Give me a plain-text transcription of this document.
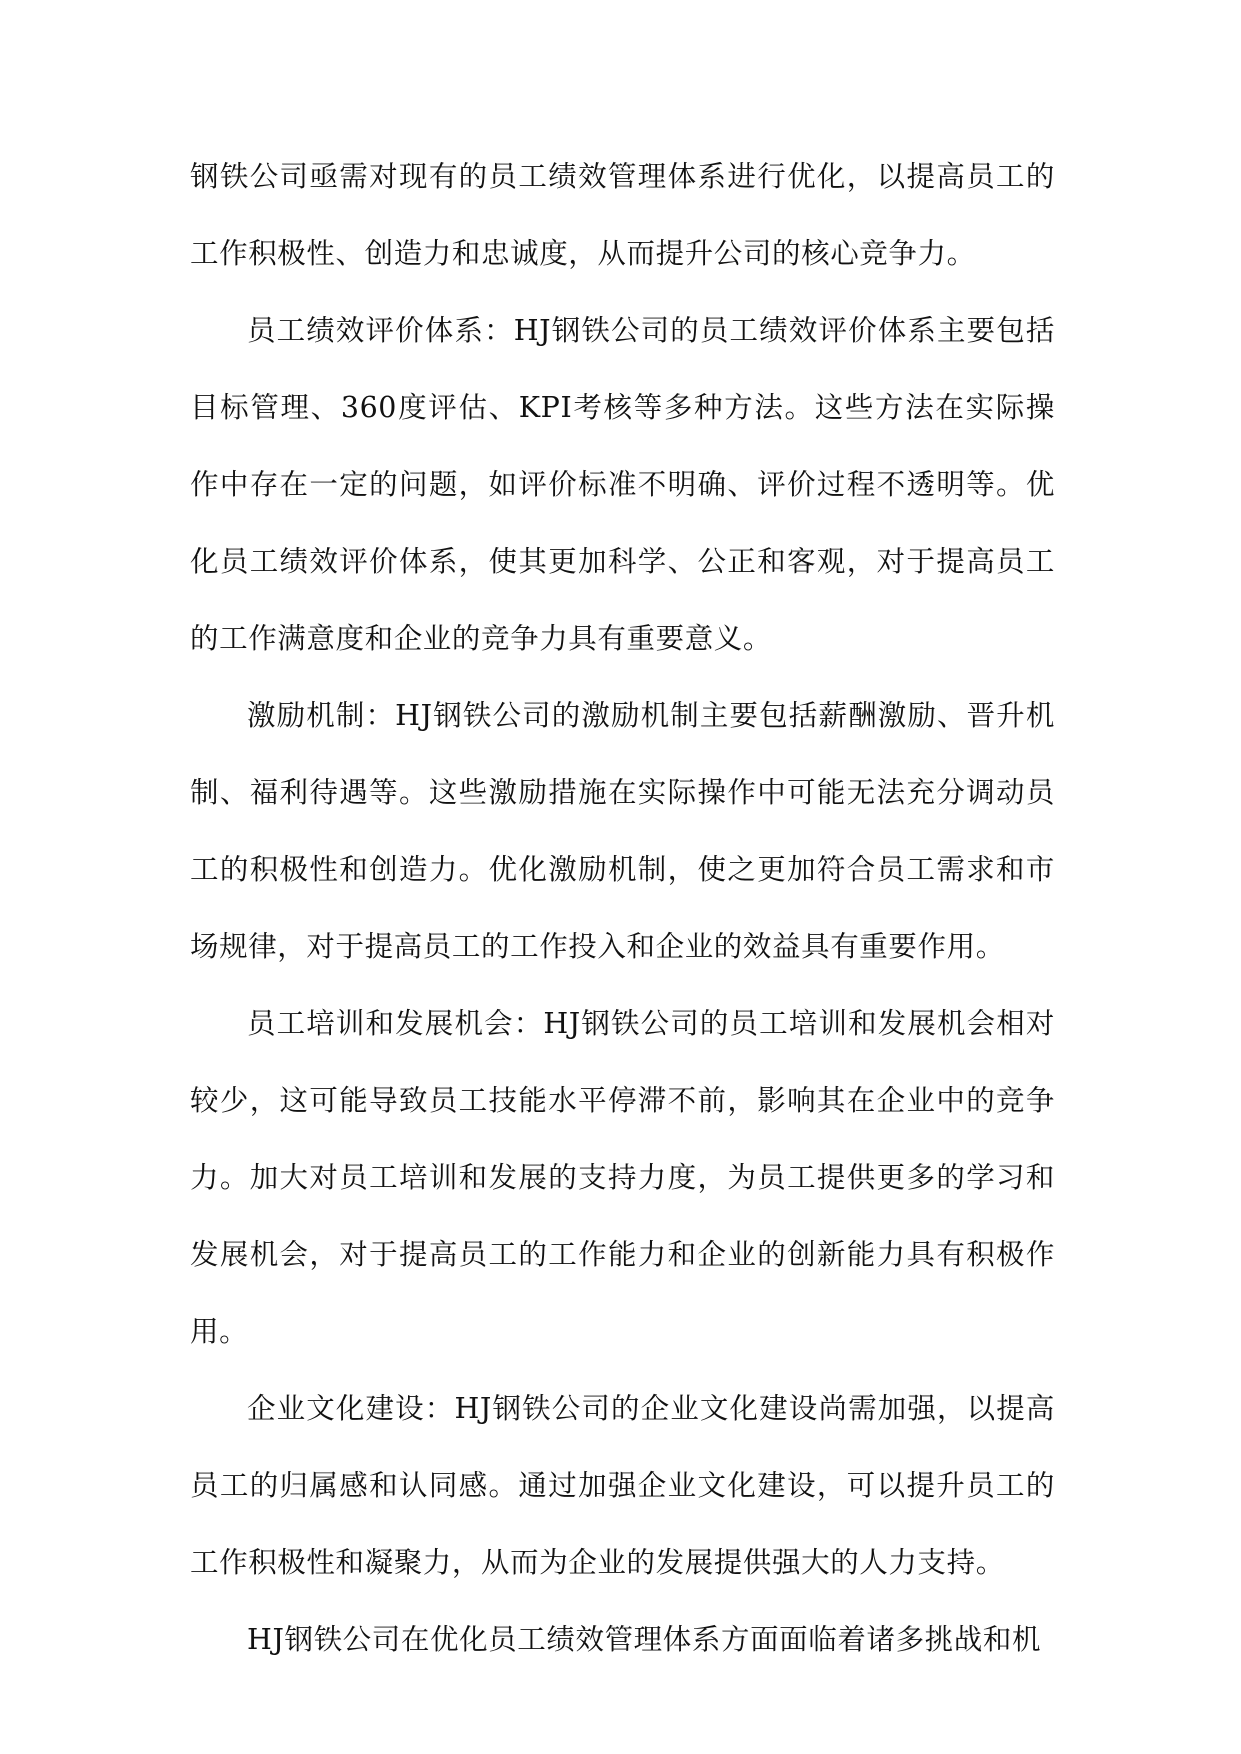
钢铁公司亟需对现有的员工绩效管理体系进行优化，以提高员工的工作积极性、创造力和忠诚度，从而提升公司的核心竞争力。

员工绩效评价体系：HJ钢铁公司的员工绩效评价体系主要包括目标管理、360度评估、KPI考核等多种方法。这些方法在实际操作中存在一定的问题，如评价标准不明确、评价过程不透明等。优化员工绩效评价体系，使其更加科学、公正和客观，对于提高员工的工作满意度和企业的竞争力具有重要意义。

激励机制：HJ钢铁公司的激励机制主要包括薪酬激励、晋升机制、福利待遇等。这些激励措施在实际操作中可能无法充分调动员工的积极性和创造力。优化激励机制，使之更加符合员工需求和市场规律，对于提高员工的工作投入和企业的效益具有重要作用。

员工培训和发展机会：HJ钢铁公司的员工培训和发展机会相对较少，这可能导致员工技能水平停滞不前，影响其在企业中的竞争力。加大对员工培训和发展的支持力度，为员工提供更多的学习和发展机会，对于提高员工的工作能力和企业的创新能力具有积极作用。

企业文化建设：HJ钢铁公司的企业文化建设尚需加强，以提高员工的归属感和认同感。通过加强企业文化建设，可以提升员工的工作积极性和凝聚力，从而为企业的发展提供强大的人力支持。

HJ钢铁公司在优化员工绩效管理体系方面面临着诸多挑战和机
